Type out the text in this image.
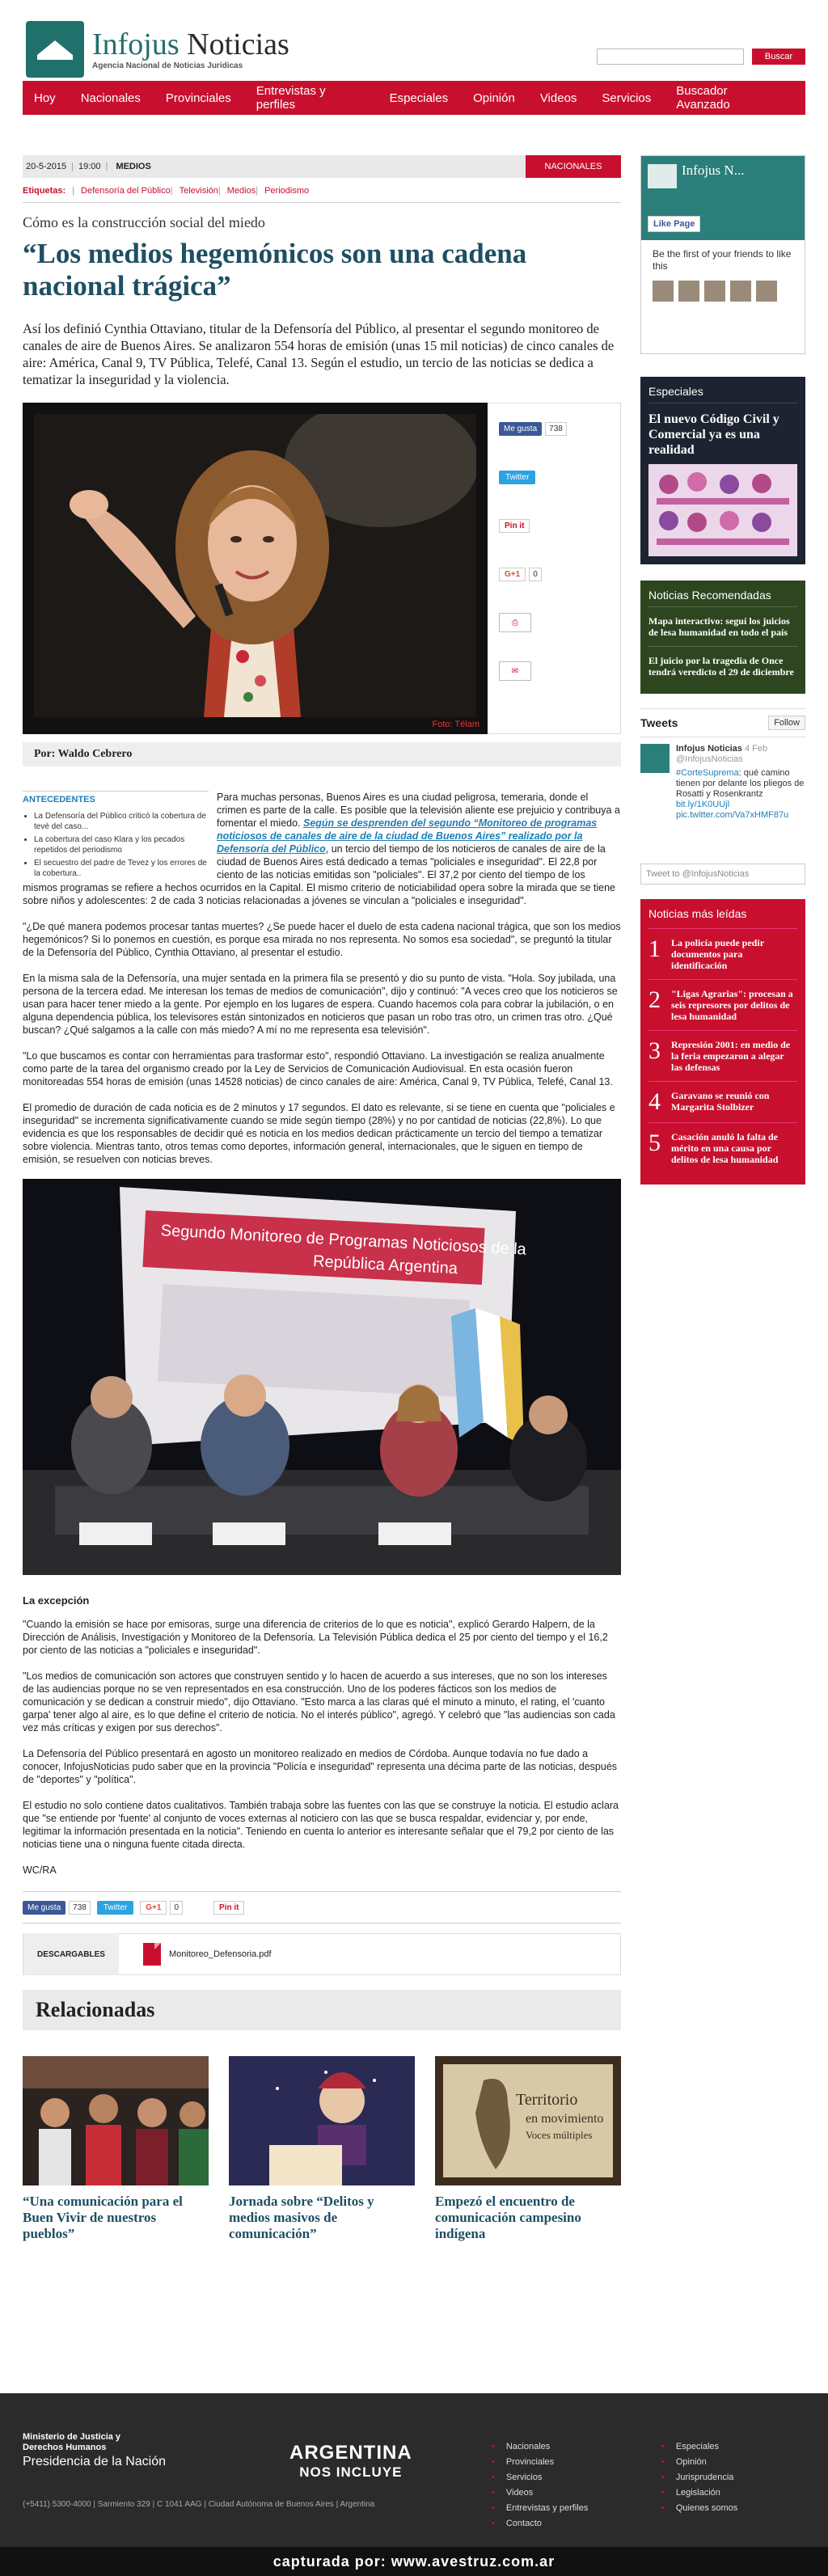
Infojus Noticias
Agencia Nacional de Noticias Jurídicas
Buscar
Hoy Nacionales Provinciales Entrevistas y perfiles	Especiales Opinión Videos Servicios Buscador Avanzado
20-5-2015 | 19:00 | MEDIOS	NACIONALES
Etiquetas: | Defensoría del Público | Televisión | Medios | Periodismo
Cómo es la construcción social del miedo
“Los medios hegemónicos son una cadena nacional trágica”

Así los definió Cynthia Ottaviano, titular de la Defensoría del Público, al presentar el segundo monitoreo de canales de aire de Buenos Aires. Se analizaron 554 horas de emisión (unas 15 mil noticias) de cinco canales de aire: América, Canal 9, TV Pública, Telefé, Canal 13. Según el estudio, un tercio de las noticias se dedica a tematizar la inseguridad y la violencia.

Foto: Télam
Me gusta	738
Twitter
Pin it
G+1	0
⎙
✉
Por: Waldo Cebrero
ANTECEDENTES
• La Defensoría del Público criticó la cobertura de tevé del caso...
• La cobertura del caso Klara y los pecados repetidos del periodismo
• El secuestro del padre de Tevez y los errores de la cobertura..

Para muchas personas, Buenos Aires es una ciudad peligrosa, temeraria, donde el crimen es parte de la calle. Es posible que la televisión aliente ese prejuicio y contribuya a fomentar el miedo. Según se desprenden del segundo “Monitoreo de programas noticiosos de canales de aire de la ciudad de Buenos Aires” realizado por la Defensoría del Público, un tercio del tiempo de los noticieros de canales de aire de la ciudad de Buenos Aires está dedicado a temas "policiales e inseguridad". El 22,8 por ciento de las noticias emitidas son "policiales". El 37,2 por ciento del tiempo de los mismos programas se refiere a hechos ocurridos en la Capital. El mismo criterio de noticiabilidad opera sobre la mirada que se tiene sobre niños y adolescentes: 2 de cada 3 noticias relacionadas a jóvenes se vinculan a "policiales e inseguridad".

"¿De qué manera podemos procesar tantas muertes? ¿Se puede hacer el duelo de esta cadena nacional trágica, que son los medios hegemónicos? Si lo ponemos en cuestión, es porque esa mirada no nos representa. No somos esa sociedad", se preguntó la titular de la Defensoría del Público, Cynthia Ottaviano, al presentar el estudio.

En la misma sala de la Defensoría, una mujer sentada en la primera fila se presentó y dio su punto de vista. "Hola. Soy jubilada, una persona de la tercera edad. Me interesan los temas de medios de comunicación", dijo y continuó: "A veces creo que los noticieros se usan para hacer tener miedo a la gente. Por ejemplo en los lugares de espera. Cuando hacemos cola para cobrar la jubilación, o en alguna dependencia pública, los televisores están sintonizados en noticieros que pasan un robo tras otro, un crimen tras otro. ¿Qué buscan? ¿Qué salgamos a la calle con más miedo? A mí no me representa esa televisión".

"Lo que buscamos es contar con herramientas para trasformar esto", respondió Ottaviano. La investigación se realiza anualmente como parte de la tarea del organismo creado por la Ley de Servicios de Comunicación Audiovisual. En esta ocasión fueron monitoreadas 554 horas de emisión (unas 14528 noticias) de cinco canales de aire: América, Canal 9, TV Pública, Telefé, Canal 13.

El promedio de duración de cada noticia es de 2 minutos y 17 segundos. El dato es relevante, si se tiene en cuenta que "policiales e inseguridad" se incrementa significativamente cuando se mide según tiempo (28%) y no por cantidad de noticias (22,8%). Lo que evidencia es que los responsables de decidir qué es noticia en los medios dedican prácticamente un tercio del tiempo a tematizar sobre violencia. Mientras tanto, otros temas como deportes, información general, internacionales, que le siguen en tiempo de emisión, se resuelven con noticias breves.

Segundo Monitoreo de Programas Noticiosos de la
República Argentina
La excepción

"Cuando la emisión se hace por emisoras, surge una diferencia de criterios de lo que es noticia", explicó Gerardo Halpern, de la Dirección de Análisis, Investigación y Monitoreo de la Defensoría. La Televisión Pública dedica el 25 por ciento del tiempo y el 16,2 por ciento de las noticias a "policiales e inseguridad".

"Los medios de comunicación son actores que construyen sentido y lo hacen de acuerdo a sus intereses, que no son los intereses de las audiencias porque no se ven representados en esa construcción. Uno de los poderes fácticos son los medios de comunicación y se dedican a construir miedo", dijo Ottaviano. "Esto marca a las claras qué el minuto a minuto, el rating, el 'cuanto garpa' tener algo al aire, es lo que define el criterio de noticia. No el interés público", agregó. Y celebró que "las audiencias son cada vez más críticas y exigen por sus derechos".

La Defensoría del Público presentará en agosto un monitoreo realizado en medios de Córdoba. Aunque todavía no fue dado a conocer, InfojusNoticias pudo saber que en la provincia "Policía e inseguridad" representa una décima parte de las noticias, después de "deportes" y "política".

El estudio no solo contiene datos cualitativos. También trabaja sobre las fuentes con las que se construye la noticia. El estudio aclara que "se entiende por 'fuente' al conjunto de voces externas al noticiero con las que se busca respaldar, evidenciar y, por ende, legitimar la información presentada en la noticia". Teniendo en cuenta lo anterior es interesante señalar que el 79,2 por ciento de las noticias tiene una o ninguna fuente citada directa.

WC/RA

Me gusta	738	Twitter	G+1	0	Pin it
DESCARGABLES	Monitoreo_Defensoria.pdf
Relacionadas
“Una comunicación para el Buen Vivir de nuestros pueblos”
Jornada sobre “Delitos y medios masivos de comunicación”
Territorio
en movimiento
Voces múltiples
Empezó el encuentro de comunicación campesino indígena
Infojus N...
Like Page
Be the first of your friends to like this
Especiales
El nuevo Código Civil y Comercial ya es una realidad
Noticias Recomendadas
Mapa interactivo: seguí los juicios de lesa humanidad en todo el país
El juicio por la tragedia de Once tendrá veredicto el 29 de diciembre
Tweets	Follow
Infojus Noticias 4 Feb
@InfojusNoticias
#CorteSuprema: qué camino tienen por delante los pliegos de Rosatti y Rosenkrantz bit.ly/1K0UUjl pic.twitter.com/Va7xHMF87u
Tweet to @InfojusNoticias
Noticias más leídas
1	La policía puede pedir documentos para identificación
2	"Ligas Agrarias": procesan a seis represores por delitos de lesa humanidad
3	Represión 2001: en medio de la feria empezaron a alegar las defensas
4	Garavano se reunió con Margarita Stolbizer
5	Casación anuló la falta de mérito en una causa por delitos de lesa humanidad
Ministerio de Justicia y Derechos Humanos
Presidencia de la Nación
(+5411) 5300-4000 | Sarmiento 329 | C 1041 AAG | Ciudad Autónoma de Buenos Aires | Argentina
ARGENTINA
NOS INCLUYE
• Nacionales
• Provinciales
• Servicios
• Videos
• Entrevistas y perfiles
• Contacto
• Especiales
• Opinión
• Jurisprudencia
• Legislación
• Quienes somos
capturada por: www.avestruz.com.ar
